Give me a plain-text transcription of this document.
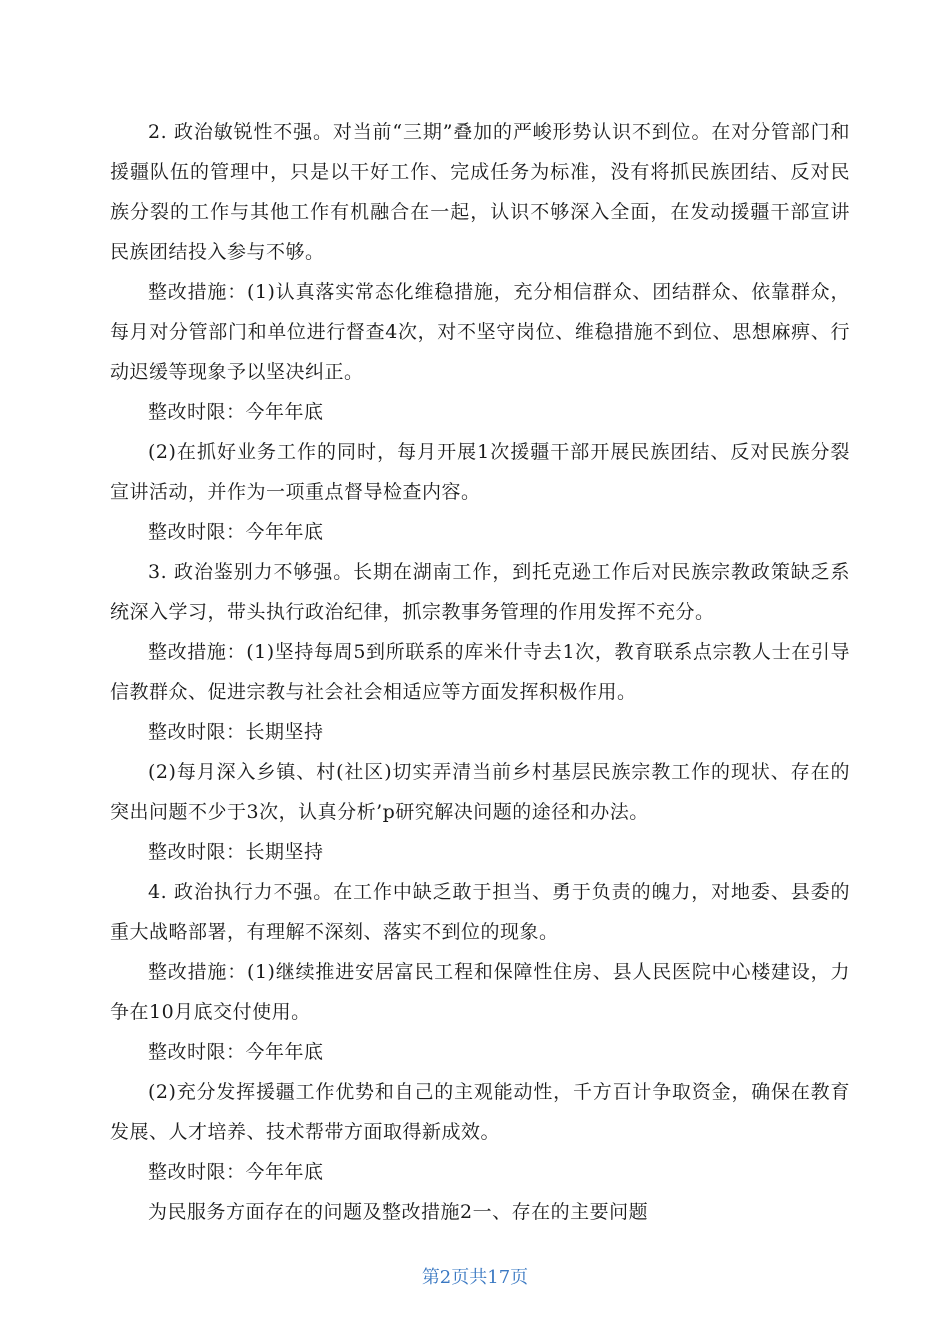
2. 政治敏锐性不强。对当前“三期”叠加的严峻形势认识不到位。在对分管部门和援疆队伍的管理中，只是以干好工作、完成任务为标准，没有将抓民族团结、反对民族分裂的工作与其他工作有机融合在一起，认识不够深入全面，在发动援疆干部宣讲民族团结投入参与不够。

整改措施：(1)认真落实常态化维稳措施，充分相信群众、团结群众、依靠群众，每月对分管部门和单位进行督查4次，对不坚守岗位、维稳措施不到位、思想麻痹、行动迟缓等现象予以坚决纠正。

整改时限：今年年底

(2)在抓好业务工作的同时，每月开展1次援疆干部开展民族团结、反对民族分裂宣讲活动，并作为一项重点督导检查内容。

整改时限：今年年底

3. 政治鉴别力不够强。长期在湖南工作，到托克逊工作后对民族宗教政策缺乏系统深入学习，带头执行政治纪律，抓宗教事务管理的作用发挥不充分。

整改措施：(1)坚持每周5到所联系的库米什寺去1次，教育联系点宗教人士在引导信教群众、促进宗教与社会社会相适应等方面发挥积极作用。

整改时限：长期坚持

(2)每月深入乡镇、村(社区)切实弄清当前乡村基层民族宗教工作的现状、存在的突出问题不少于3次，认真分析’p研究解决问题的途径和办法。

整改时限：长期坚持

4. 政治执行力不强。在工作中缺乏敢于担当、勇于负责的魄力，对地委、县委的重大战略部署，有理解不深刻、落实不到位的现象。

整改措施：(1)继续推进安居富民工程和保障性住房、县人民医院中心楼建设，力争在10月底交付使用。

整改时限：今年年底

(2)充分发挥援疆工作优势和自己的主观能动性，千方百计争取资金，确保在教育发展、人才培养、技术帮带方面取得新成效。

整改时限：今年年底

为民服务方面存在的问题及整改措施2一、存在的主要问题

第2页共17页
